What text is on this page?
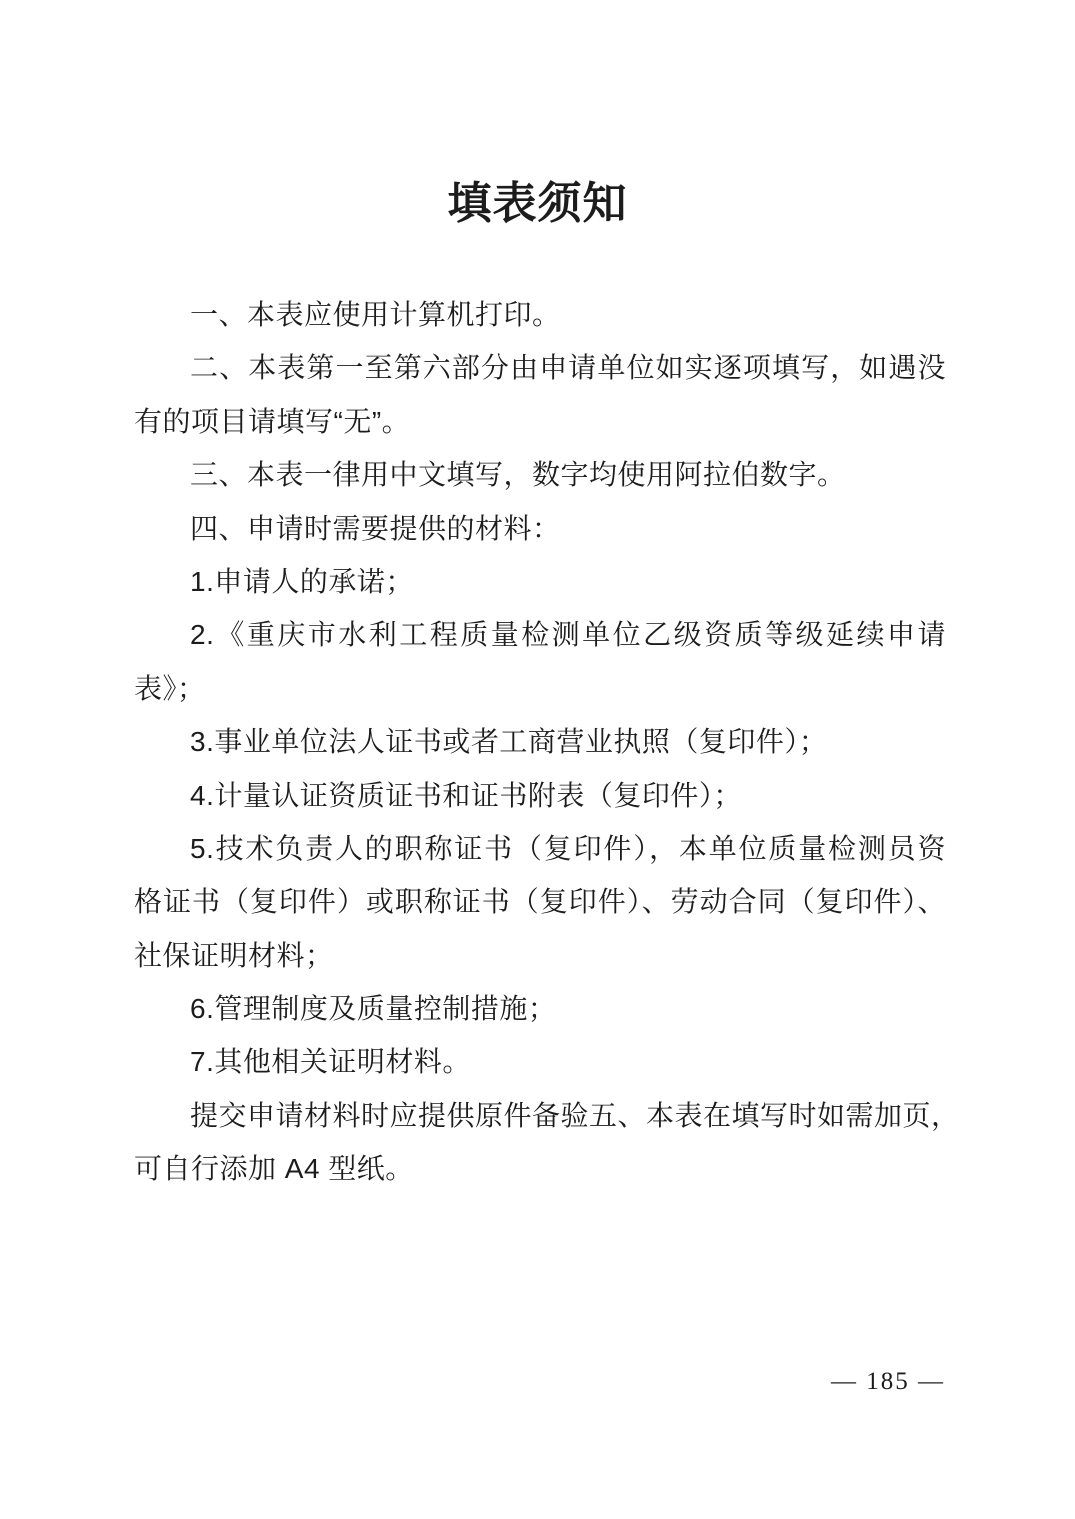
填表须知
一、本表应使用计算机打印。
二、本表第一至第六部分由申请单位如实逐项填写，如遇没
有的项目请填写“无”。
三、本表一律用中文填写，数字均使用阿拉伯数字。
四、申请时需要提供的材料：
1.申请人的承诺；
2.《重庆市水利工程质量检测单位乙级资质等级延续申请
表》；
3.事业单位法人证书或者工商营业执照（复印件）；
4.计量认证资质证书和证书附表（复印件）；
5.技术负责人的职称证书（复印件），本单位质量检测员资
格证书（复印件）或职称证书（复印件）、劳动合同（复印件）、
社保证明材料；
6.管理制度及质量控制措施；
7.其他相关证明材料。
提交申请材料时应提供原件备验五、本表在填写时如需加页，
可自行添加 A4 型纸。
— 185 —
